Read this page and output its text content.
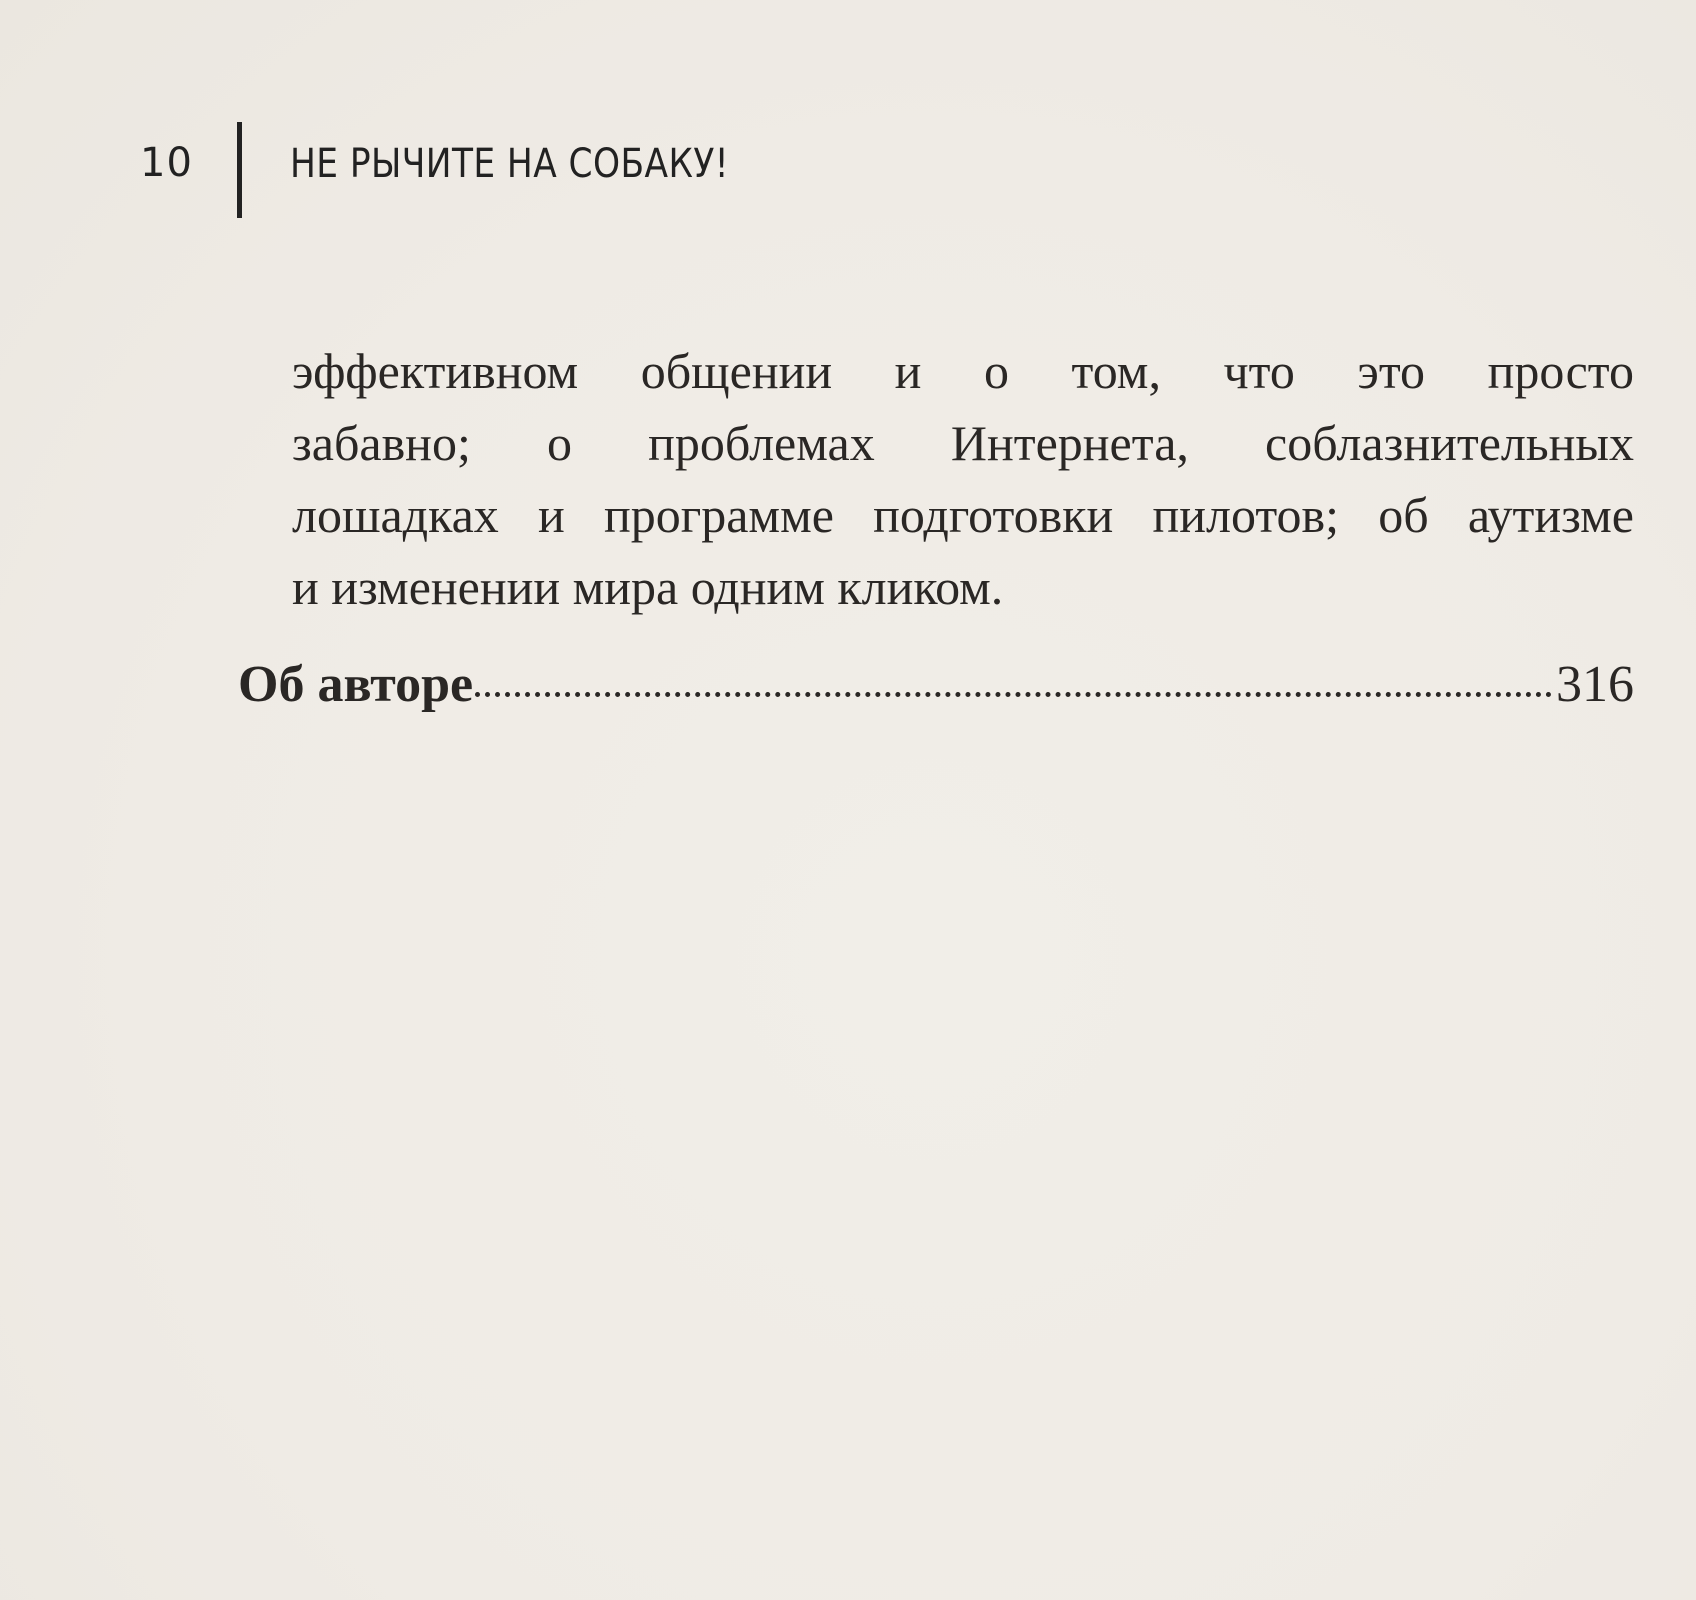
10 НЕ РЫЧИТЕ НА СОБАКУ!
эффективном общении и о том, что это просто
забавно; о проблемах Интернета, соблазнительных
лошадках и программе подготовки пилотов; об аутизме
и изменении мира одним кликом.
Об авторе	316
